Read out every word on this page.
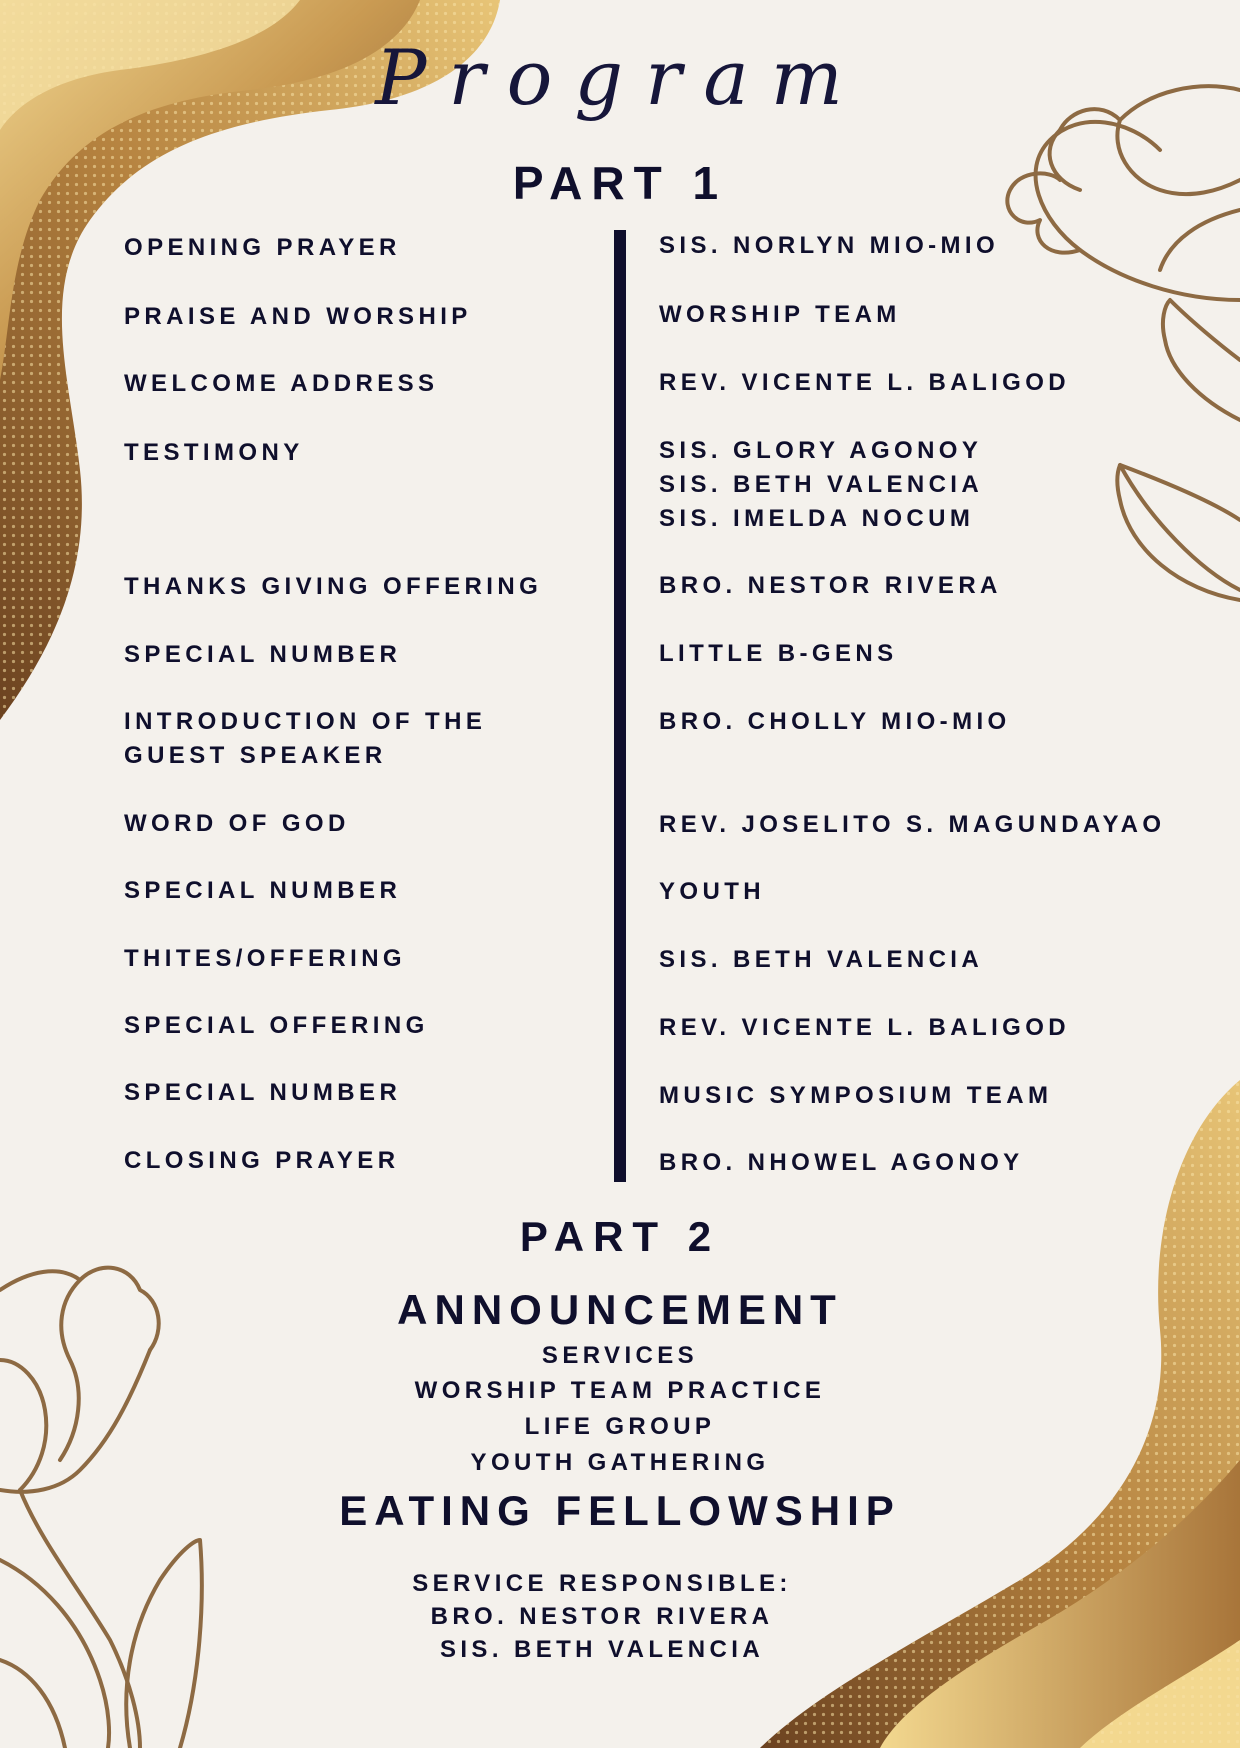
Program
PART 1
OPENING PRAYER	SIS. NORLYN MIO-MIO
PRAISE AND WORSHIP	WORSHIP TEAM
WELCOME ADDRESS	REV. VICENTE L. BALIGOD
TESTIMONY	SIS. GLORY AGONOY
SIS. BETH VALENCIA
SIS. IMELDA NOCUM
THANKS GIVING OFFERING	BRO. NESTOR RIVERA
SPECIAL NUMBER	LITTLE B-GENS
INTRODUCTION OF THE
GUEST SPEAKER
BRO. CHOLLY MIO-MIO
WORD OF GOD	REV. JOSELITO S. MAGUNDAYAO
SPECIAL NUMBER	YOUTH
THITES/OFFERING	SIS. BETH VALENCIA
SPECIAL OFFERING	REV. VICENTE L. BALIGOD
SPECIAL NUMBER	MUSIC SYMPOSIUM TEAM
CLOSING PRAYER	BRO. NHOWEL AGONOY
PART 2
ANNOUNCEMENT
SERVICES
WORSHIP TEAM PRACTICE
LIFE GROUP
YOUTH GATHERING
EATING FELLOWSHIP
SERVICE RESPONSIBLE:
BRO. NESTOR RIVERA
SIS. BETH VALENCIA
